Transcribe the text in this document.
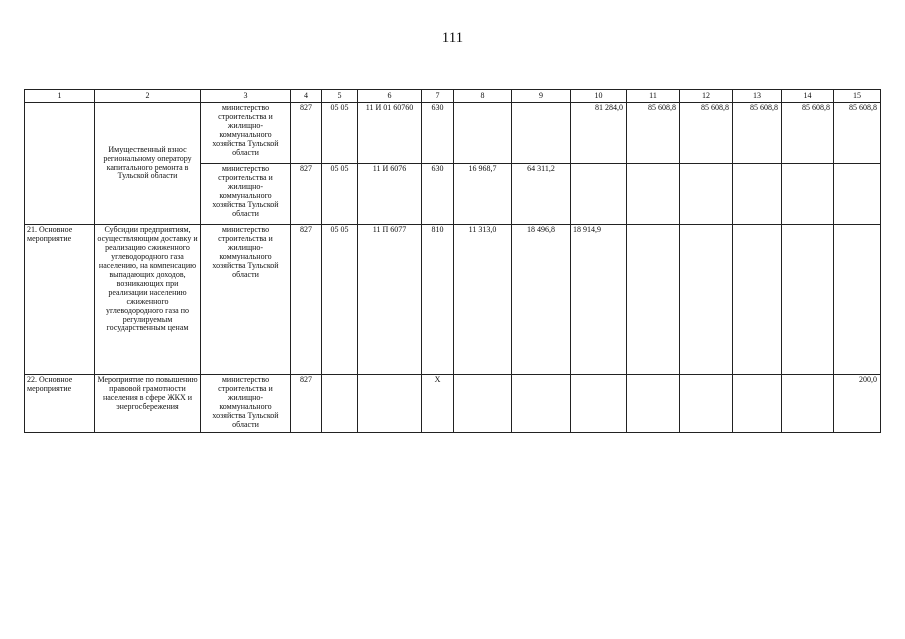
111
1	2	3	4	5	6	7	8	9	10	11	12	13	14	15
	Имущественный взнос региональному оператору капитального ремонта в Тульской области	министерство строительства и жилищно-коммунального хозяйства Тульской области	827	05 05	11 И 01 60760	630			81 284,0	85 608,8	85 608,8	85 608,8	85 608,8	85 608,8
		министерство строительства и жилищно-коммунального хозяйства Тульской области	827	05 05	11 И 6076	630	16 968,7	64 311,2						
21. Основное мероприятие	Субсидии предприятиям, осуществляющим доставку и реализацию сжиженного углеводородного газа населению, на компенсацию выпадающих доходов, возникающих при реализации населению сжиженного углеводородного газа по регулируемым государственным ценам	министерство строительства и жилищно-коммунального хозяйства Тульской области	827	05 05	11 П 6077	810	11 313,0	18 496,8	18 914,9					
22. Основное мероприятие	Мероприятие по повышению правовой грамотности населения в сфере ЖКХ и энергосбережения	министерство строительства и жилищно-коммунального хозяйства Тульской области	827			Х								200,0
